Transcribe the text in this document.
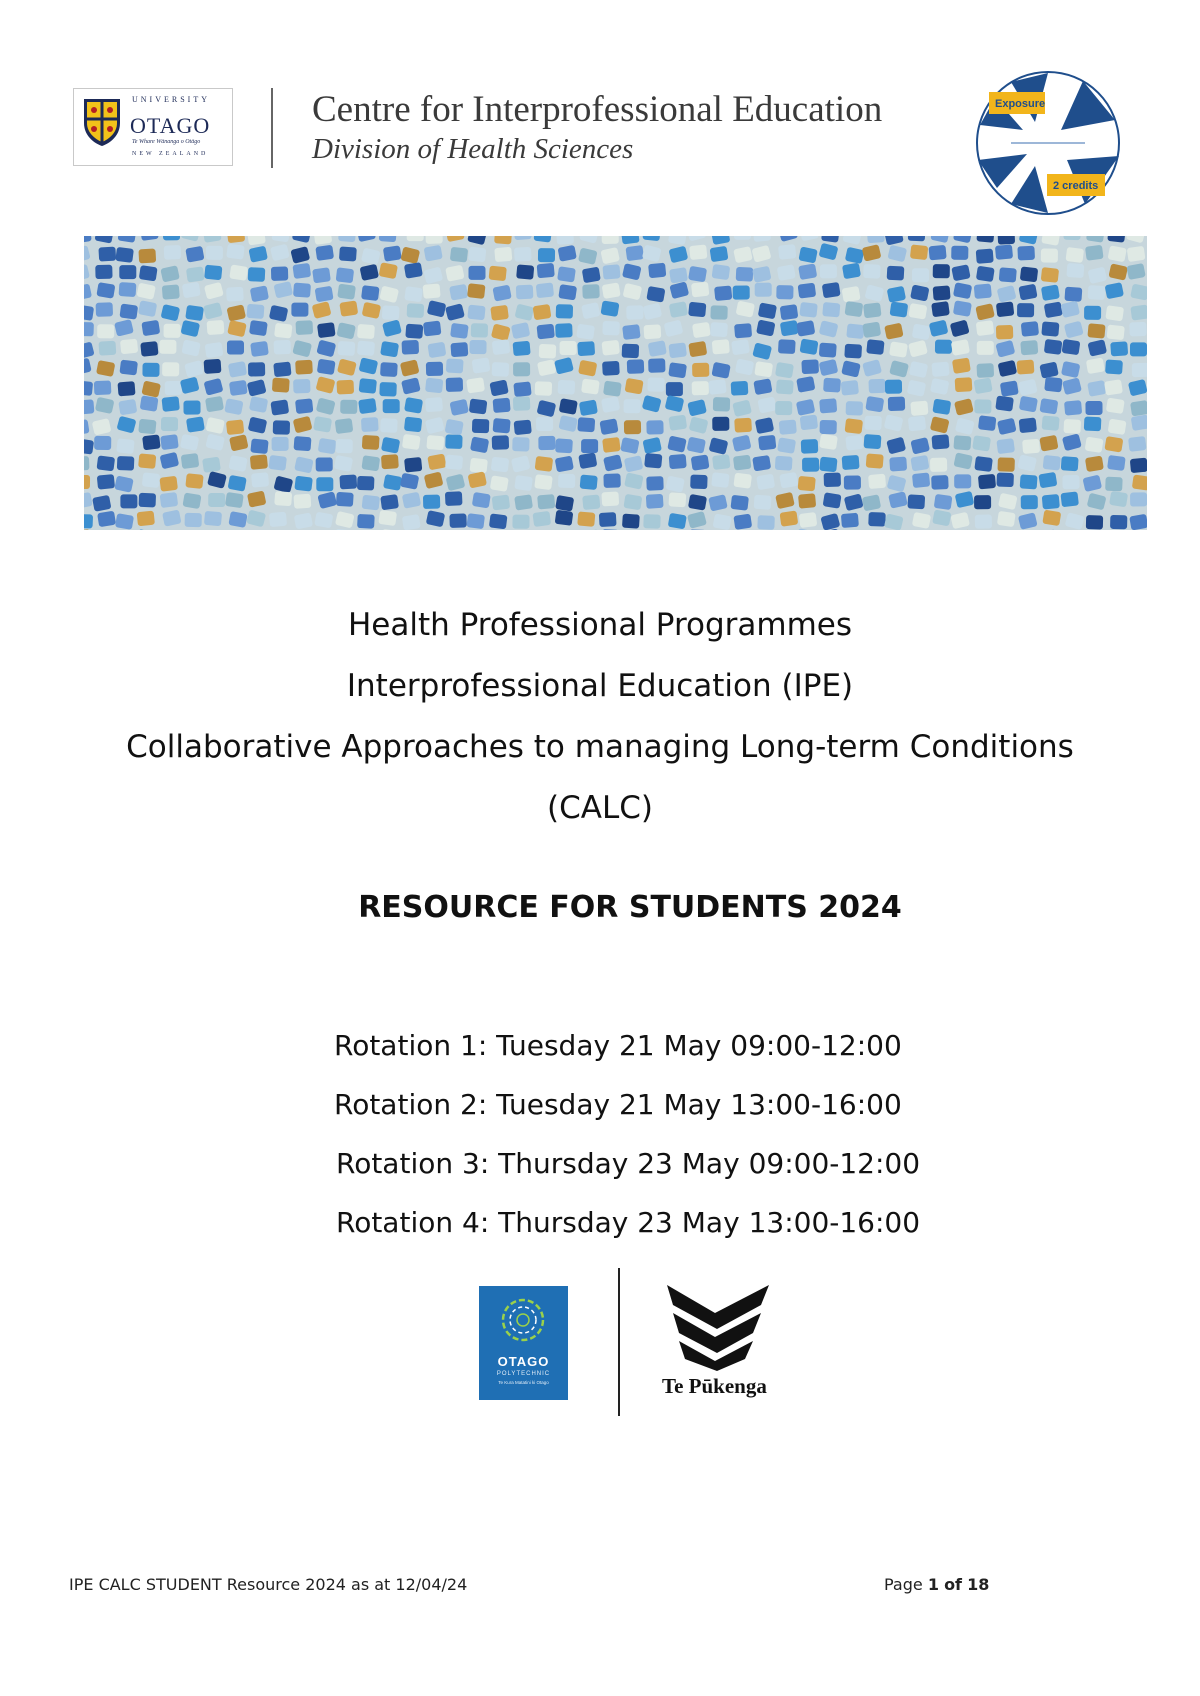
UNIVERSITY
OTAGO
Te Whare Wānanga o Otāgo
NEW ZEALAND
Centre for Interprofessional Education
Division of Health Sciences
Exposure
2 credits
Health Professional Programmes
Interprofessional Education (IPE)
Collaborative Approaches to managing Long-term Conditions
(CALC)
RESOURCE FOR STUDENTS 2024
Rotation 1: Tuesday 21 May 09:00-12:00
Rotation 2: Tuesday 21 May 13:00-16:00
Rotation 3: Thursday 23 May 09:00-12:00
Rotation 4: Thursday 23 May 13:00-16:00
OTAGO
POLYTECHNIC
Te Kura Matatini ki Otago	Te Pūkenga
IPE CALC STUDENT Resource 2024 as at 12/04/24	Page 1 of 18
